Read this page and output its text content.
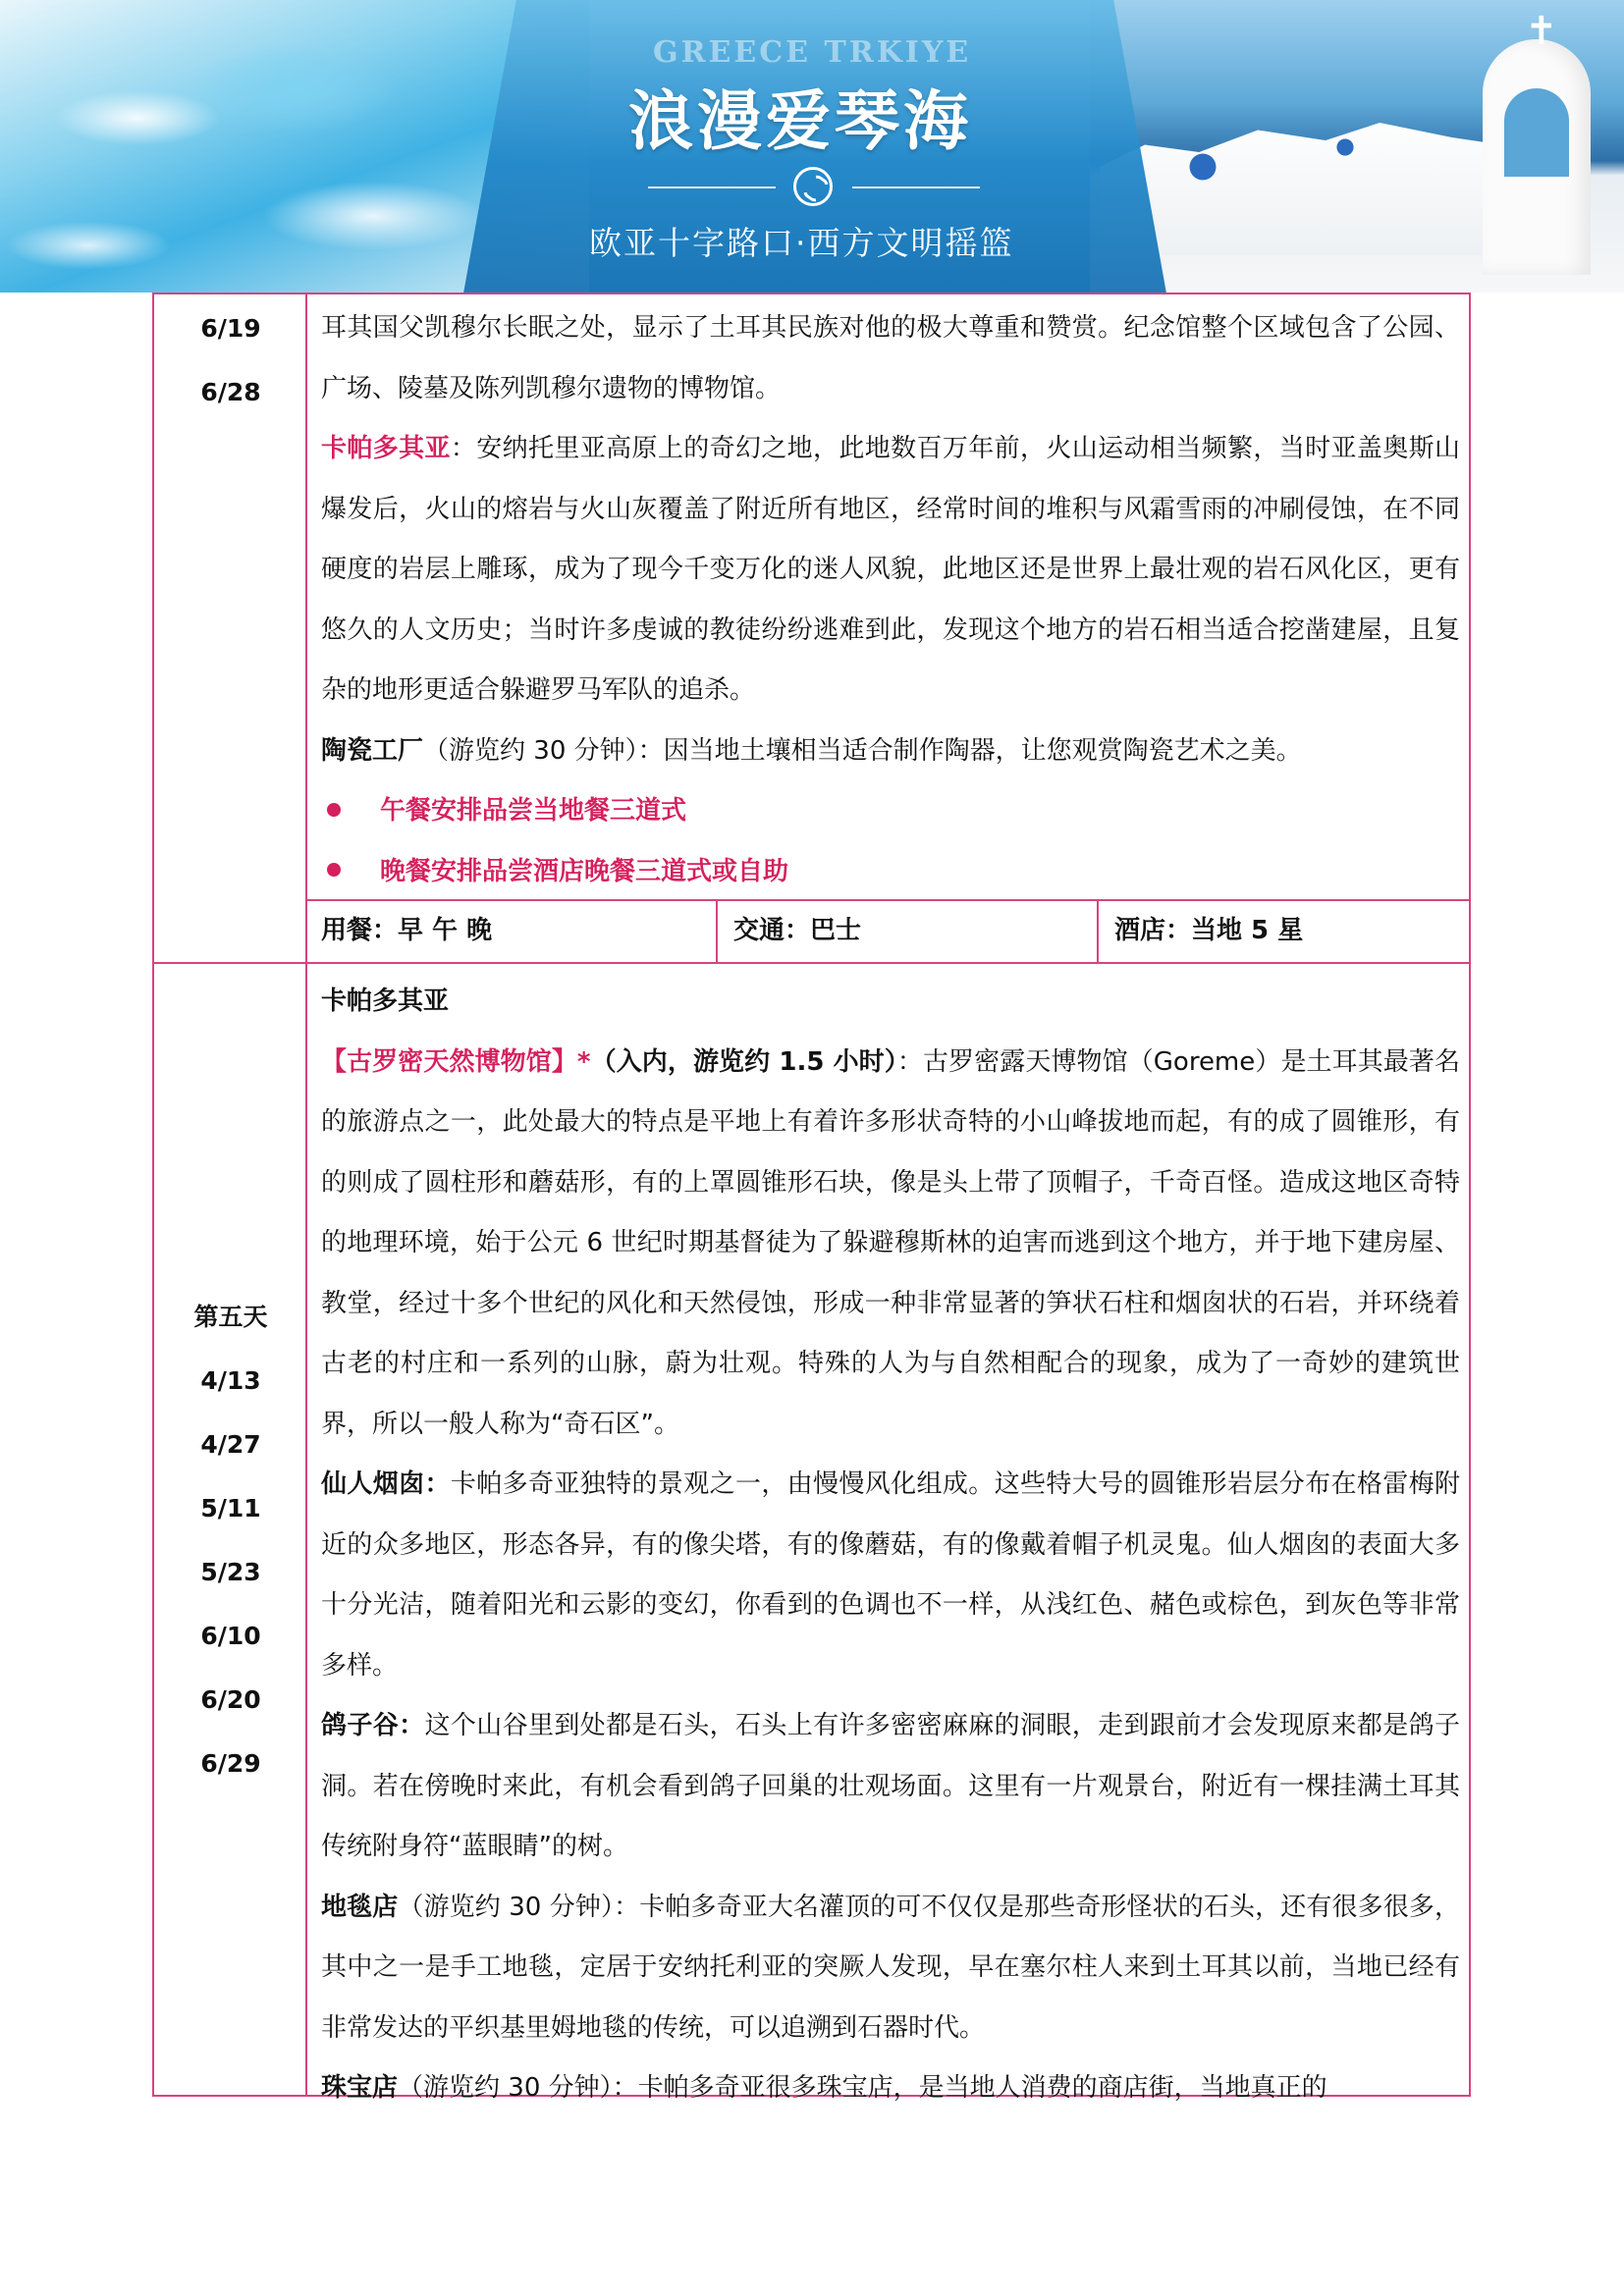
✝
GREECE TRKIYE
浪漫爱琴海
欧亚十字路口·西方文明摇篮
6/19
6/28

耳其国父凯穆尔长眠之处，显示了土耳其民族对他的极大尊重和赞赏。纪念馆整个区域包含了公园、广场、陵墓及陈列凯穆尔遗物的博物馆。

卡帕多其亚：安纳托里亚高原上的奇幻之地，此地数百万年前，火山运动相当频繁，当时亚盖奥斯山爆发后，火山的熔岩与火山灰覆盖了附近所有地区，经常时间的堆积与风霜雪雨的冲刷侵蚀，在不同硬度的岩层上雕琢，成为了现今千变万化的迷人风貌，此地区还是世界上最壮观的岩石风化区，更有悠久的人文历史；当时许多虔诚的教徒纷纷逃难到此，发现这个地方的岩石相当适合挖凿建屋，且复杂的地形更适合躲避罗马军队的追杀。

陶瓷工厂（游览约 30 分钟）：因当地土壤相当适合制作陶器，让您观赏陶瓷艺术之美。

午餐安排品尝当地餐三道式

晚餐安排品尝酒店晚餐三道式或自助

用餐：早 午 晚	交通：巴士	酒店：当地 5 星
第五天
4/13
4/27
5/11
5/23
6/10
6/20
6/29

卡帕多其亚

【古罗密天然博物馆】*（入内，游览约 1.5 小时）：古罗密露天博物馆（Goreme）是土耳其最著名的旅游点之一，此处最大的特点是平地上有着许多形状奇特的小山峰拔地而起，有的成了圆锥形，有的则成了圆柱形和蘑菇形，有的上罩圆锥形石块，像是头上带了顶帽子，千奇百怪。造成这地区奇特的地理环境，始于公元 6 世纪时期基督徒为了躲避穆斯林的迫害而逃到这个地方，并于地下建房屋、教堂，经过十多个世纪的风化和天然侵蚀，形成一种非常显著的笋状石柱和烟囱状的石岩，并环绕着古老的村庄和一系列的山脉，蔚为壮观。特殊的人为与自然相配合的现象，成为了一奇妙的建筑世界，所以一般人称为“奇石区”。

仙人烟囱：卡帕多奇亚独特的景观之一，由慢慢风化组成。这些特大号的圆锥形岩层分布在格雷梅附近的众多地区，形态各异，有的像尖塔，有的像蘑菇，有的像戴着帽子机灵鬼。仙人烟囱的表面大多十分光洁，随着阳光和云影的变幻，你看到的色调也不一样，从浅红色、赭色或棕色，到灰色等非常多样。

鸽子谷：这个山谷里到处都是石头，石头上有许多密密麻麻的洞眼，走到跟前才会发现原来都是鸽子洞。若在傍晚时来此，有机会看到鸽子回巢的壮观场面。这里有一片观景台，附近有一棵挂满土耳其传统附身符“蓝眼睛”的树。

地毯店（游览约 30 分钟）：卡帕多奇亚大名灌顶的可不仅仅是那些奇形怪状的石头，还有很多很多，其中之一是手工地毯，定居于安纳托利亚的突厥人发现，早在塞尔柱人来到土耳其以前，当地已经有非常发达的平织基里姆地毯的传统，可以追溯到石器时代。

珠宝店（游览约 30 分钟）：卡帕多奇亚很多珠宝店，是当地人消费的商店街，当地真正的
